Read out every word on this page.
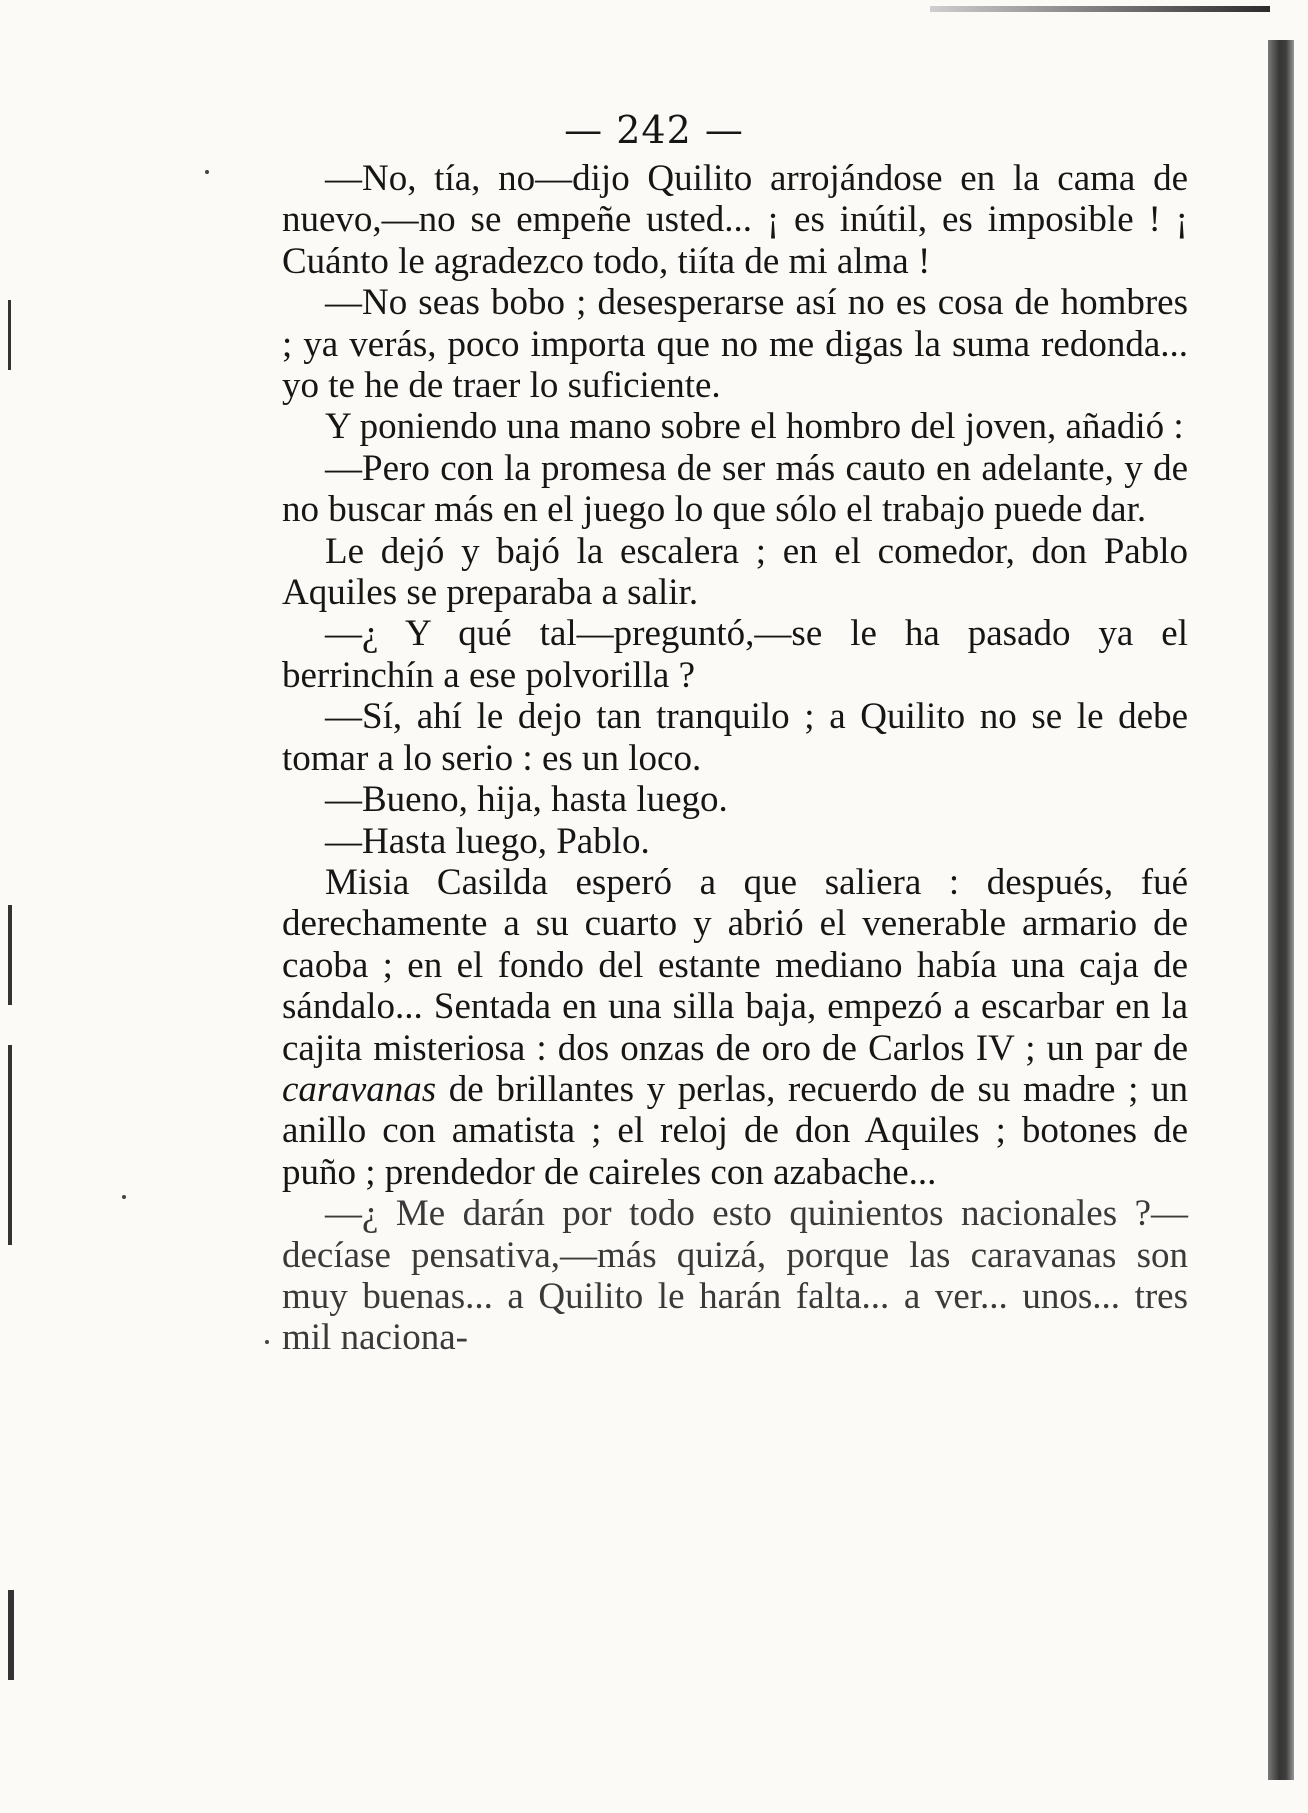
— 242 —

—No, tía, no—dijo Quilito arrojándose en la cama de nuevo,—no se empeñe usted... ¡ es inútil, es imposible ! ¡ Cuánto le agradezco todo, tiíta de mi alma !

—No seas bobo ; desesperarse así no es cosa de hombres ; ya verás, poco importa que no me digas la suma redonda... yo te he de traer lo suficiente.

Y poniendo una mano sobre el hombro del joven, añadió :

—Pero con la promesa de ser más cauto en adelante, y de no buscar más en el juego lo que sólo el trabajo puede dar.

Le dejó y bajó la escalera ; en el comedor, don Pablo Aquiles se preparaba a salir.

—¿ Y qué tal—preguntó,—se le ha pasado ya el berrinchín a ese polvorilla ?

—Sí, ahí le dejo tan tranquilo ; a Quilito no se le debe tomar a lo serio : es un loco.

—Bueno, hija, hasta luego.

—Hasta luego, Pablo.

Misia Casilda esperó a que saliera : después, fué derechamente a su cuarto y abrió el venerable armario de caoba ; en el fondo del estante mediano había una caja de sándalo... Sentada en una silla baja, empezó a escarbar en la cajita misteriosa : dos onzas de oro de Carlos IV ; un par de caravanas de brillantes y perlas, recuerdo de su madre ; un anillo con amatista ; el reloj de don Aquiles ; botones de puño ; prendedor de caireles con azabache...

—¿ Me darán por todo esto quinientos nacionales ?—decíase pensativa,—más quizá, porque las caravanas son muy buenas... a Quilito le harán falta... a ver... unos... tres mil naciona-
